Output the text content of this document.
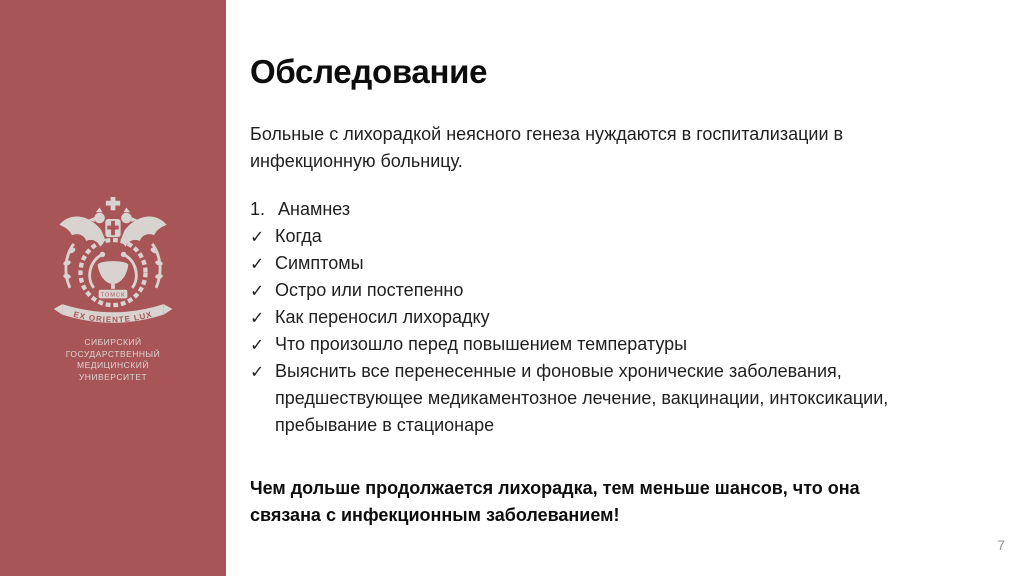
ТОМСК
EX ORIENTE LUX
СИБИРСКИЙ ГОСУДАРСТВЕННЫЙ
МЕДИЦИНСКИЙ УНИВЕРСИТЕТ
Обследование

Больные с лихорадкой неясного генеза нуждаются в госпитализации в
инфекционную больницу.

1. Анамнез
✓ Когда
✓ Симптомы
✓ Остро или постепенно
✓ Как переносил лихорадку
✓ Что произошло перед повышением температуры
✓ Выяснить все перенесенные и фоновые хронические заболевания,
предшествующее медикаментозное лечение, вакцинации, интоксикации,
пребывание в стационаре

Чем дольше продолжается лихорадка, тем меньше шансов, что она
связана с инфекционным заболеванием!

7
